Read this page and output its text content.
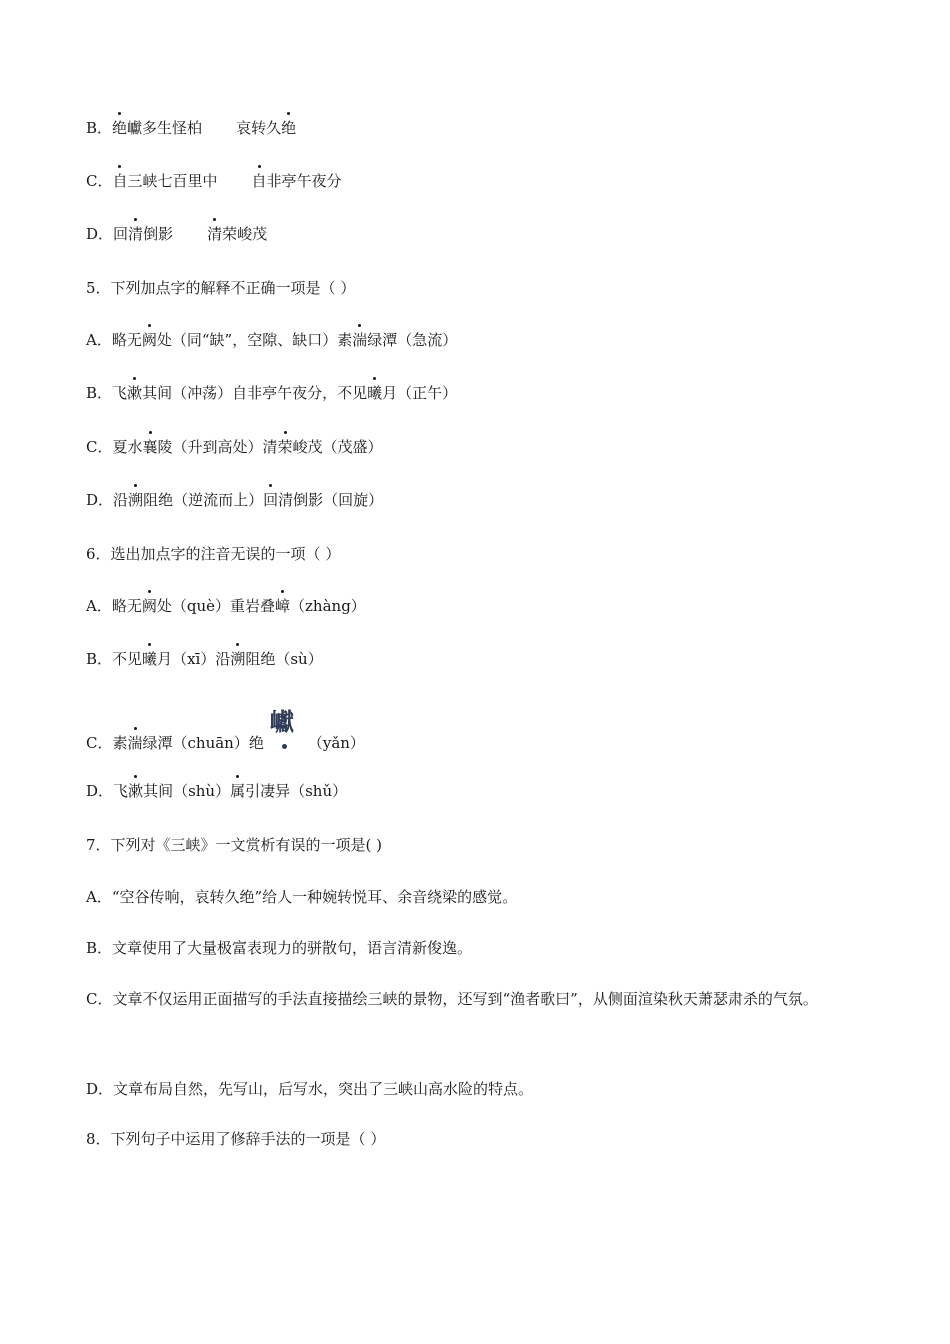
B．绝巘多生怪柏 哀转久绝
C．自三峡七百里中 自非亭午夜分
D．回清倒影 清荣峻茂
5．下列加点字的解释不正确一项是（ ）
A．略无阙处（同“缺”，空隙、缺口）素湍绿潭（急流）
B．飞漱其间（冲荡）自非亭午夜分，不见曦月（正午）
C．夏水襄陵（升到高处）清荣峻茂（茂盛）
D．沿溯阻绝（逆流而上）回清倒影（回旋）
6．选出加点字的注音无误的一项（ ）
A．略无阙处（què）重岩叠嶂（zhàng）
B．不见曦月（xī）沿溯阻绝（sù）
C．素湍绿潭（chuān）绝
巘
（yǎn）
D．飞漱其间（shù）属引凄异（shǔ）
7．下列对《三峡》一文赏析有误的一项是( )
A．“空谷传响，哀转久绝”给人一种婉转悦耳、余音绕梁的感觉。
B．文章使用了大量极富表现力的骈散句，语言清新俊逸。
C．文章不仅运用正面描写的手法直接描绘三峡的景物，还写到“渔者歌曰”，从侧面渲染秋天萧瑟肃杀的气氛。
D．文章布局自然，先写山，后写水，突出了三峡山高水险的特点。
8．下列句子中运用了修辞手法的一项是（ ）
